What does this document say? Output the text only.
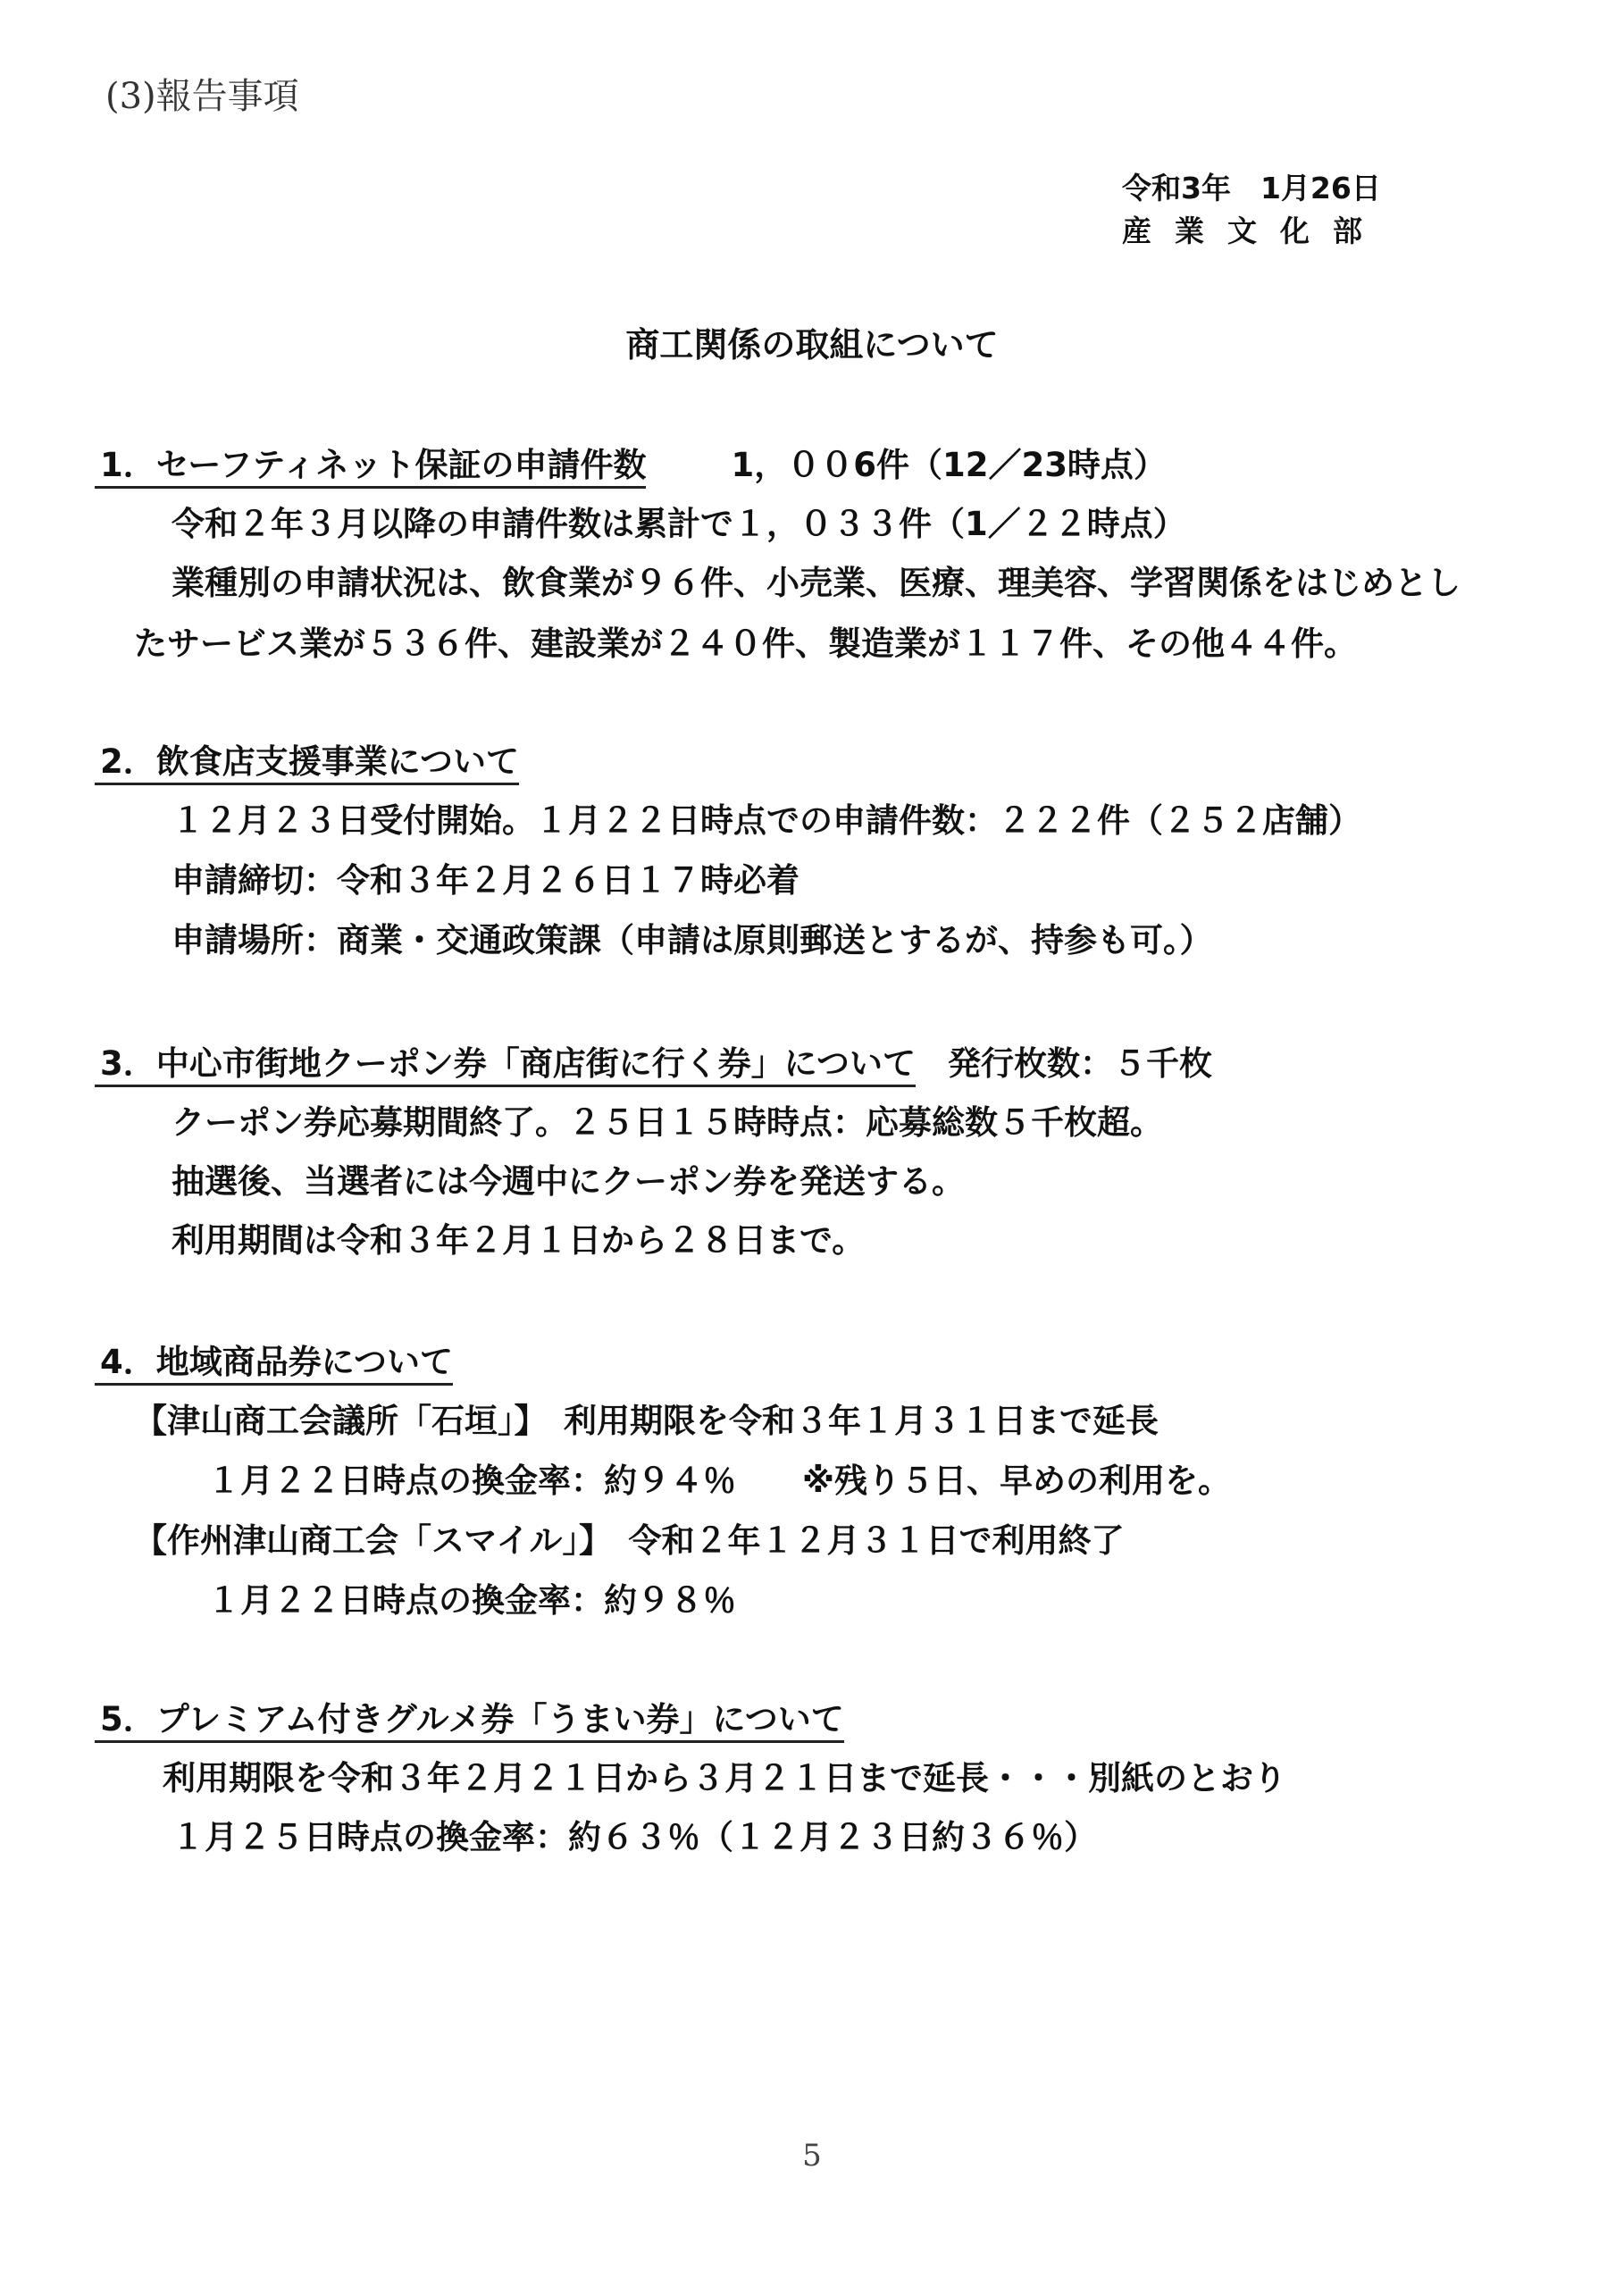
(3)報告事項
令和3年　1月26日
産業文化部
商工関係の取組について
1．セーフティネット保証の申請件数　1，００6件（12／23時点）
令和２年３月以降の申請件数は累計で１，０３３件（1／２２時点）
業種別の申請状況は、飲食業が９６件、小売業、医療、理美容、学習関係をはじめとし
たサービス業が５３６件、建設業が２４０件、製造業が１１７件、その他４４件。
2．飲食店支援事業について
１２月２３日受付開始。１月２２日時点での申請件数：２２２件（２５２店舗）
申請締切：令和３年２月２６日１７時必着
申請場所：商業・交通政策課（申請は原則郵送とするが、持参も可。）
3．中心市街地クーポン券「商店街に行く券」について 発行枚数：５千枚
クーポン券応募期間終了。２５日１５時時点：応募総数５千枚超。
抽選後、当選者には今週中にクーポン券を発送する。
利用期間は令和３年２月１日から２８日まで。
4．地域商品券について
【津山商工会議所「石垣」】　利用期限を令和３年１月３１日まで延長
１月２２日時点の換金率：約９４％　　※残り５日、早めの利用を。
【作州津山商工会「スマイル」】　令和２年１２月３１日で利用終了
１月２２日時点の換金率：約９８％
5．プレミアム付きグルメ券「うまい券」について
利用期限を令和３年２月２１日から３月２１日まで延長・・・別紙のとおり
１月２５日時点の換金率：約６３％（１２月２３日約３６％）
5
